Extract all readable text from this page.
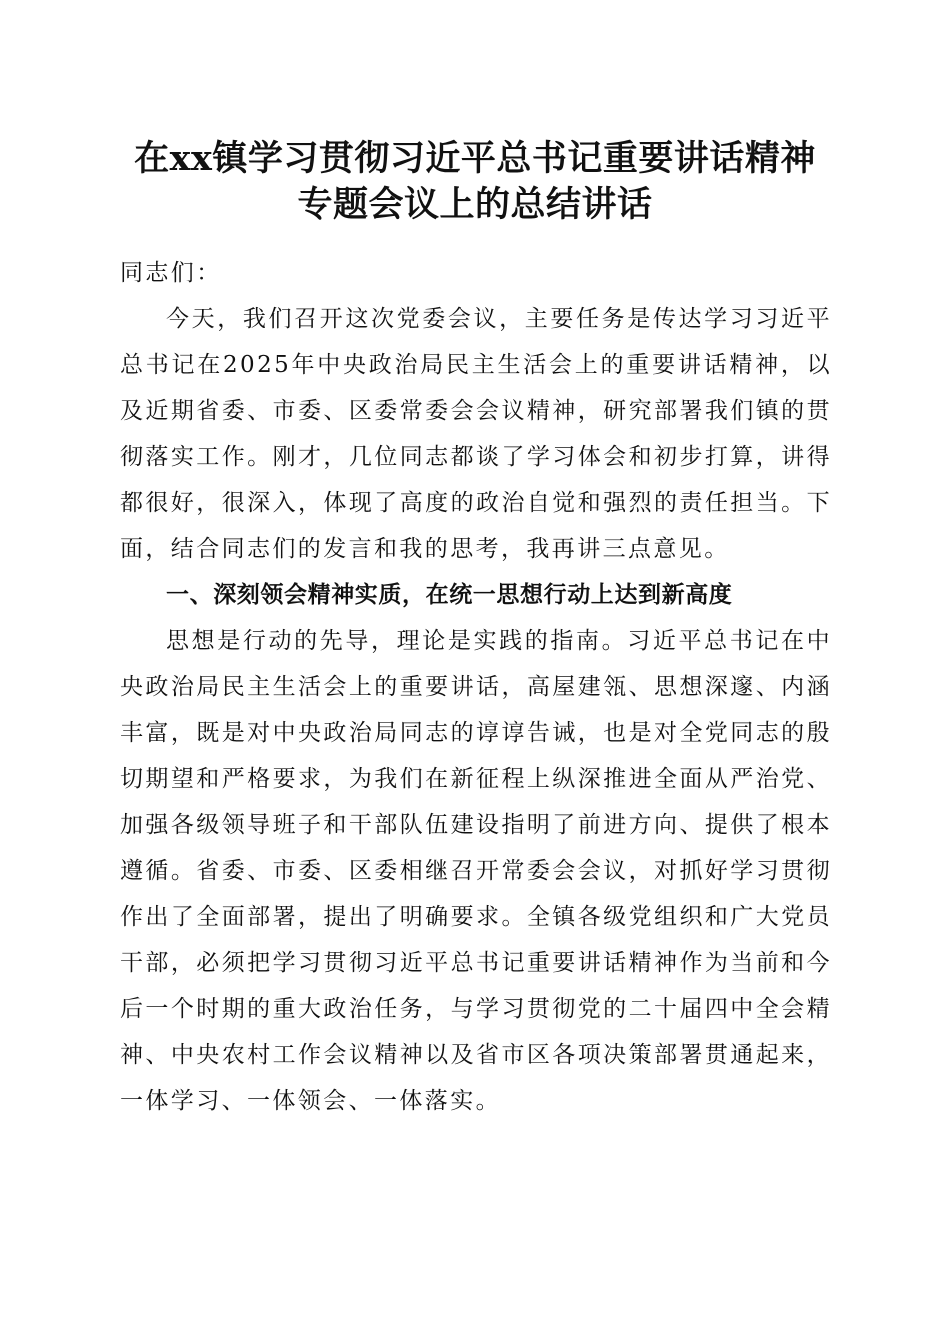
在xx镇学习贯彻习近平总书记重要讲话精神
专题会议上的总结讲话

同志们：

今天，我们召开这次党委会议，主要任务是传达学习习近平总书记在2025年中央政治局民主生活会上的重要讲话精神，以及近期省委、市委、区委常委会会议精神，研究部署我们镇的贯彻落实工作。刚才，几位同志都谈了学习体会和初步打算，讲得都很好，很深入，体现了高度的政治自觉和强烈的责任担当。下面，结合同志们的发言和我的思考，我再讲三点意见。

一、深刻领会精神实质，在统一思想行动上达到新高度

思想是行动的先导，理论是实践的指南。习近平总书记在中央政治局民主生活会上的重要讲话，高屋建瓴、思想深邃、内涵丰富，既是对中央政治局同志的谆谆告诫，也是对全党同志的殷切期望和严格要求，为我们在新征程上纵深推进全面从严治党、加强各级领导班子和干部队伍建设指明了前进方向、提供了根本遵循。省委、市委、区委相继召开常委会会议，对抓好学习贯彻作出了全面部署，提出了明确要求。全镇各级党组织和广大党员干部，必须把学习贯彻习近平总书记重要讲话精神作为当前和今后一个时期的重大政治任务，与学习贯彻党的二十届四中全会精神、中央农村工作会议精神以及省市区各项决策部署贯通起来，一体学习、一体领会、一体落实。
